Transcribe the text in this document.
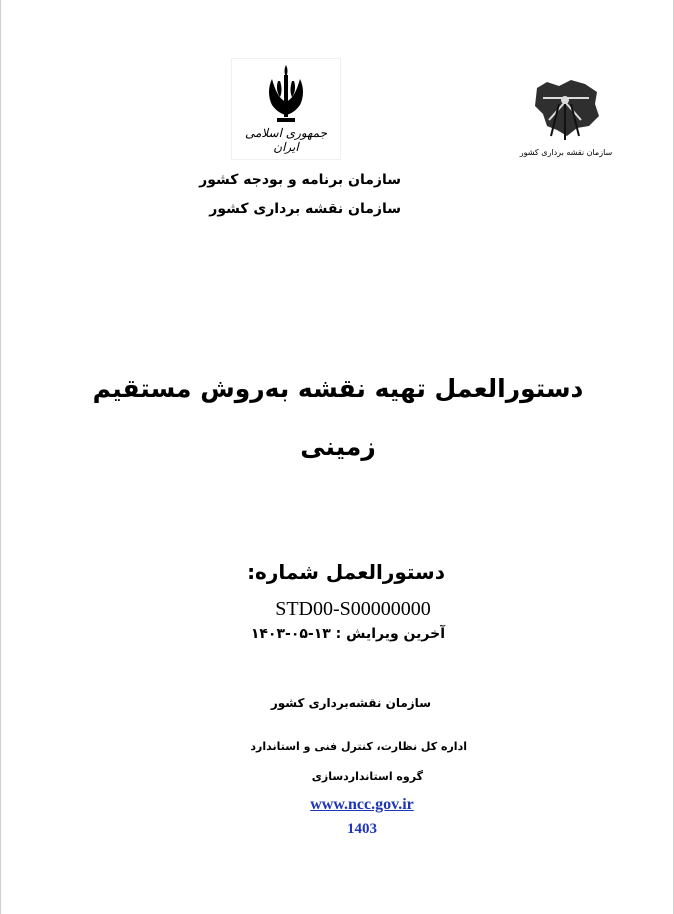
جمهوری اسلامی ایران	سازمان نقشه برداری کشور
سازمان برنامه و بودجه کشور
سازمان نقشه برداری کشور
دستورالعمل تهیه نقشه به‌روش مستقیم
زمینی
دستورالعمل شماره:
STD00-S00000000
آخرین ویرایش : ۱۳-۰۵-۱۴۰۳
سازمان نقشه‌برداری کشور
اداره کل نظارت، کنترل فنی و استاندارد
گروه استانداردسازی
www.ncc.gov.ir
1403
